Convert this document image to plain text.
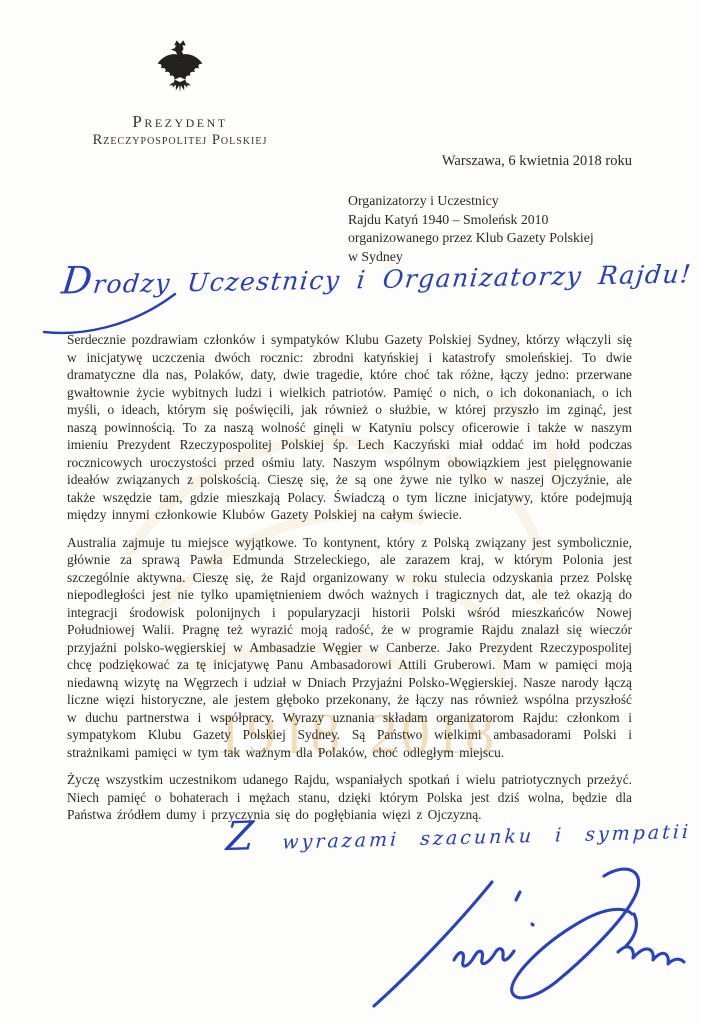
1918 2018
Prezydent
Rzeczypospolitej Polskiej
Warszawa, 6 kwietnia 2018 roku
Organizatorzy i Uczestnicy
Rajdu Katyń 1940 – Smoleńsk 2010
organizowanego przez Klub Gazety Polskiej
w Sydney
Drodzy Uczestnicy i Organizatorzy Rajdu!

Serdecznie pozdrawiam członków i sympatyków Klubu Gazety Polskiej Sydney, którzy włączyli się w inicjatywę uczczenia dwóch rocznic: zbrodni katyńskiej i katastrofy smoleńskiej. To dwie dramatyczne dla nas, Polaków, daty, dwie tragedie, które choć tak różne, łączy jedno: przerwane gwałtownie życie wybitnych ludzi i wielkich patriotów. Pamięć o nich, o ich dokonaniach, o ich myśli, o ideach, którym się poświęcili, jak również o służbie, w której przyszło im zginąć, jest naszą powinnością. To za naszą wolność ginęli w Katyniu polscy oficerowie i także w naszym imieniu Prezydent Rzeczypospolitej Polskiej śp. Lech Kaczyński miał oddać im hołd podczas rocznicowych uroczystości przed ośmiu laty. Naszym wspólnym obowiązkiem jest pielęgnowanie ideałów związanych z polskością. Cieszę się, że są one żywe nie tylko w naszej Ojczyźnie, ale także wszędzie tam, gdzie mieszkają Polacy. Świadczą o tym liczne inicjatywy, które podejmują między innymi członkowie Klubów Gazety Polskiej na całym świecie.

Australia zajmuje tu miejsce wyjątkowe. To kontynent, który z Polską związany jest symbolicznie, głównie za sprawą Pawła Edmunda Strzeleckiego, ale zarazem kraj, w którym Polonia jest szczególnie aktywna. Cieszę się, że Rajd organizowany w roku stulecia odzyskania przez Polskę niepodległości jest nie tylko upamiętnieniem dwóch ważnych i tragicznych dat, ale też okazją do integracji środowisk polonijnych i popularyzacji historii Polski wśród mieszkańców Nowej Południowej Walii. Pragnę też wyrazić moją radość, że w programie Rajdu znalazł się wieczór przyjaźni polsko-węgierskiej w Ambasadzie Węgier w Canberze. Jako Prezydent Rzeczypospolitej chcę podziękować za tę inicjatywę Panu Ambasadorowi Attili Gruberowi. Mam w pamięci moją niedawną wizytę na Węgrzech i udział w Dniach Przyjaźni Polsko-Węgierskiej. Nasze narody łączą liczne więzi historyczne, ale jestem głęboko przekonany, że łączy nas również wspólna przyszłość w duchu partnerstwa i współpracy. Wyrazy uznania składam organizatorom Rajdu: członkom i sympatykom Klubu Gazety Polskiej Sydney. Są Państwo wielkimi ambasadorami Polski i strażnikami pamięci w tym tak ważnym dla Polaków, choć odległym miejscu.

Życzę wszystkim uczestnikom udanego Rajdu, wspaniałych spotkań i wielu patriotycznych przeżyć. Niech pamięć o bohaterach i mężach stanu, dzięki którym Polska jest dziś wolna, będzie dla Państwa źródłem dumy i przyczynia się do pogłębiania więzi z Ojczyzną.

Z wyrazami szacunku i sympatii
